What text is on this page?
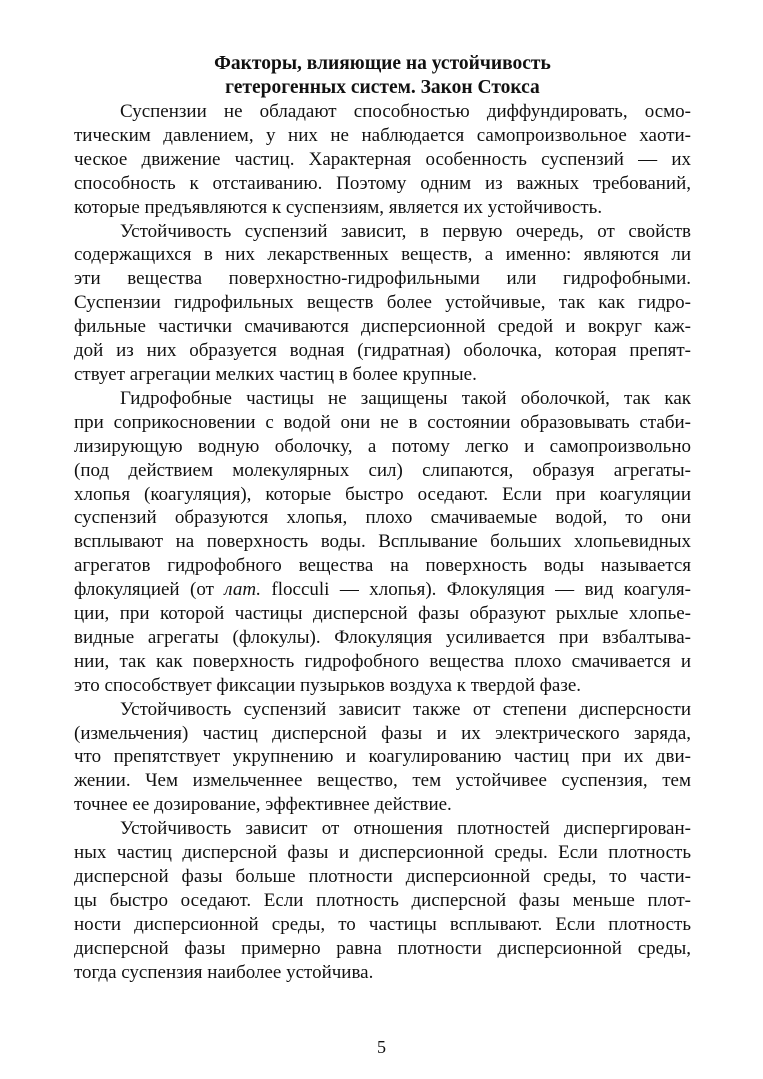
Факторы, влияющие на устойчивость
гетерогенных систем. Закон Стокса

Суспензии не обладают способностью диффундировать, осмо-
тическим давлением, у них не наблюдается самопроизвольное хаоти-
ческое движение частиц. Характерная особенность суспензий — их
способность к отстаиванию. Поэтому одним из важных требований,
которые предъявляются к суспензиям, является их устойчивость.

Устойчивость суспензий зависит, в первую очередь, от свойств
содержащихся в них лекарственных веществ, а именно: являются ли
эти вещества поверхностно-гидрофильными или гидрофобными.
Суспензии гидрофильных веществ более устойчивые, так как гидро-
фильные частички смачиваются дисперсионной средой и вокруг каж-
дой из них образуется водная (гидратная) оболочка, которая препят-
ствует агрегации мелких частиц в более крупные.

Гидрофобные частицы не защищены такой оболочкой, так как
при соприкосновении с водой они не в состоянии образовывать стаби-
лизирующую водную оболочку, а потому легко и самопроизвольно
(под действием молекулярных сил) слипаются, образуя агрегаты-
хлопья (коагуляция), которые быстро оседают. Если при коагуляции
суспензий образуются хлопья, плохо смачиваемые водой, то они
всплывают на поверхность воды. Всплывание больших хлопьевидных
агрегатов гидрофобного вещества на поверхность воды называется
флокуляцией (от лат. flocculi — хлопья). Флокуляция — вид коагуля-
ции, при которой частицы дисперсной фазы образуют рыхлые хлопье-
видные агрегаты (флокулы). Флокуляция усиливается при взбалтыва-
нии, так как поверхность гидрофобного вещества плохо смачивается и
это способствует фиксации пузырьков воздуха к твердой фазе.

Устойчивость суспензий зависит также от степени дисперсности
(измельчения) частиц дисперсной фазы и их электрического заряда,
что препятствует укрупнению и коагулированию частиц при их дви-
жении. Чем измельченнее вещество, тем устойчивее суспензия, тем
точнее ее дозирование, эффективнее действие.

Устойчивость зависит от отношения плотностей диспергирован-
ных частиц дисперсной фазы и дисперсионной среды. Если плотность
дисперсной фазы больше плотности дисперсионной среды, то части-
цы быстро оседают. Если плотность дисперсной фазы меньше плот-
ности дисперсионной среды, то частицы всплывают. Если плотность
дисперсной фазы примерно равна плотности дисперсионной среды,
тогда суспензия наиболее устойчива.

5
